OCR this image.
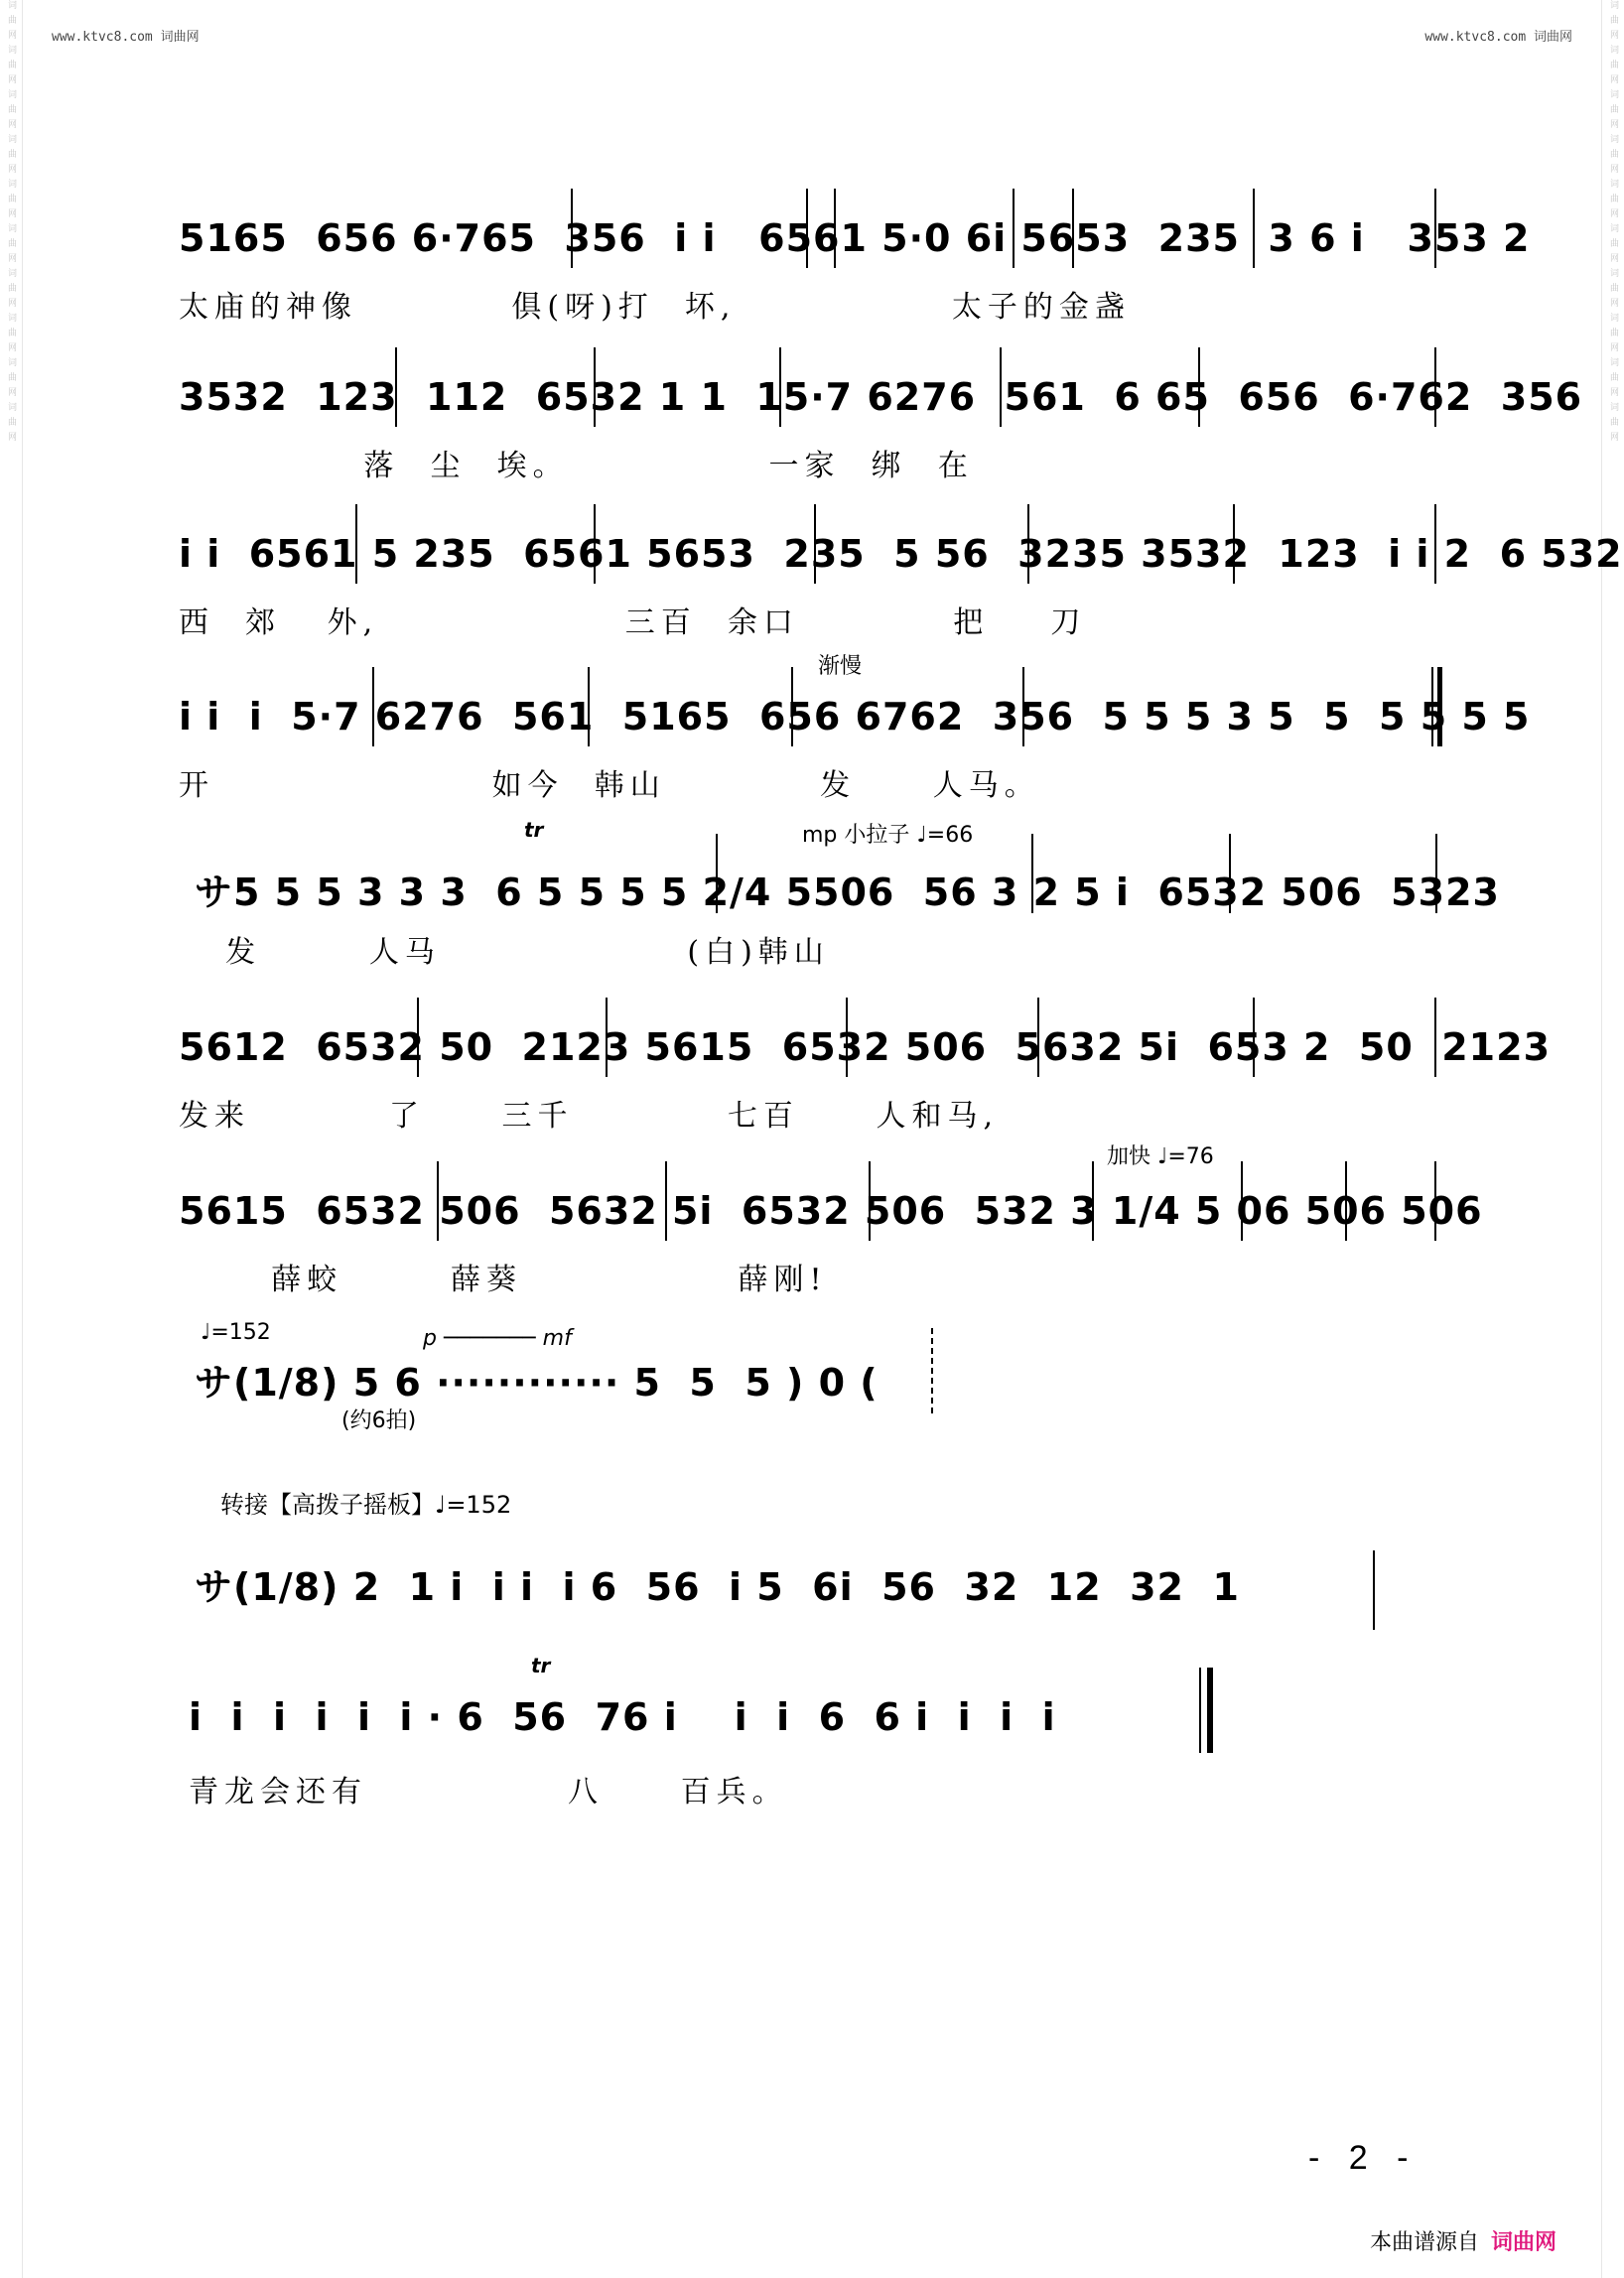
词曲网词曲网词曲网词曲网词曲网词曲网词曲网词曲网词曲网词曲网	词曲网词曲网词曲网词曲网词曲网词曲网词曲网词曲网词曲网词曲网
www.ktvc8.com 词曲网	www.ktvc8.com 词曲网
5165  656 6·765  356  i i   6561 5·0 6i 5653  235  3 6 i   353 2
太庙的神像          俱(呀)打  坏,              太子的金盏
3532  123  112  6532 1 1  15·7 6276  561  6 65  656  6·762  356
落  尘  埃。             一家  绑  在
i i  6561 5 235  6561 5653  235  5 56  3235 3532  123  i i 2  6 532
西  郊   外,                三百  余口          把    刀
渐慢
i i  i  5·7 6276  561  5165  656 6762  356  5 5 5 3 5  5  5 5 5 5
开                  如今  韩山          发     人马。
tr	mp 小拉子 ♩=66
サ5 5 5 3 3 3  6 5 5 5 5 2/4 5506  56 3 2 5 i  6532 506  5323
发       人马                (白)韩山
5612  6532 50  2123 5615  6532 506  5632 5i  653 2  50  2123
发来         了     三千          七百     人和马,
加快 ♩=76
5615  6532 506  5632 5i  6532 506  532 3 1/4 5 06 506 506
薛蛟       薛葵              薛刚!
♩=152	p ─────── mf
(约6拍)
サ(1/8) 5 6 ············ 5  5  5 ) 0 (
转接【高拨子摇板】♩=152
サ(1/8) 2  1 i  i i  i 6  56  i 5  6i  56  32  12  32  1
tr
i  i  i  i  i  i · 6  56  76 i    i  i  6  6 i  i  i  i
青龙会还有             八     百兵。
- 2 -
本曲谱源自 词曲网
